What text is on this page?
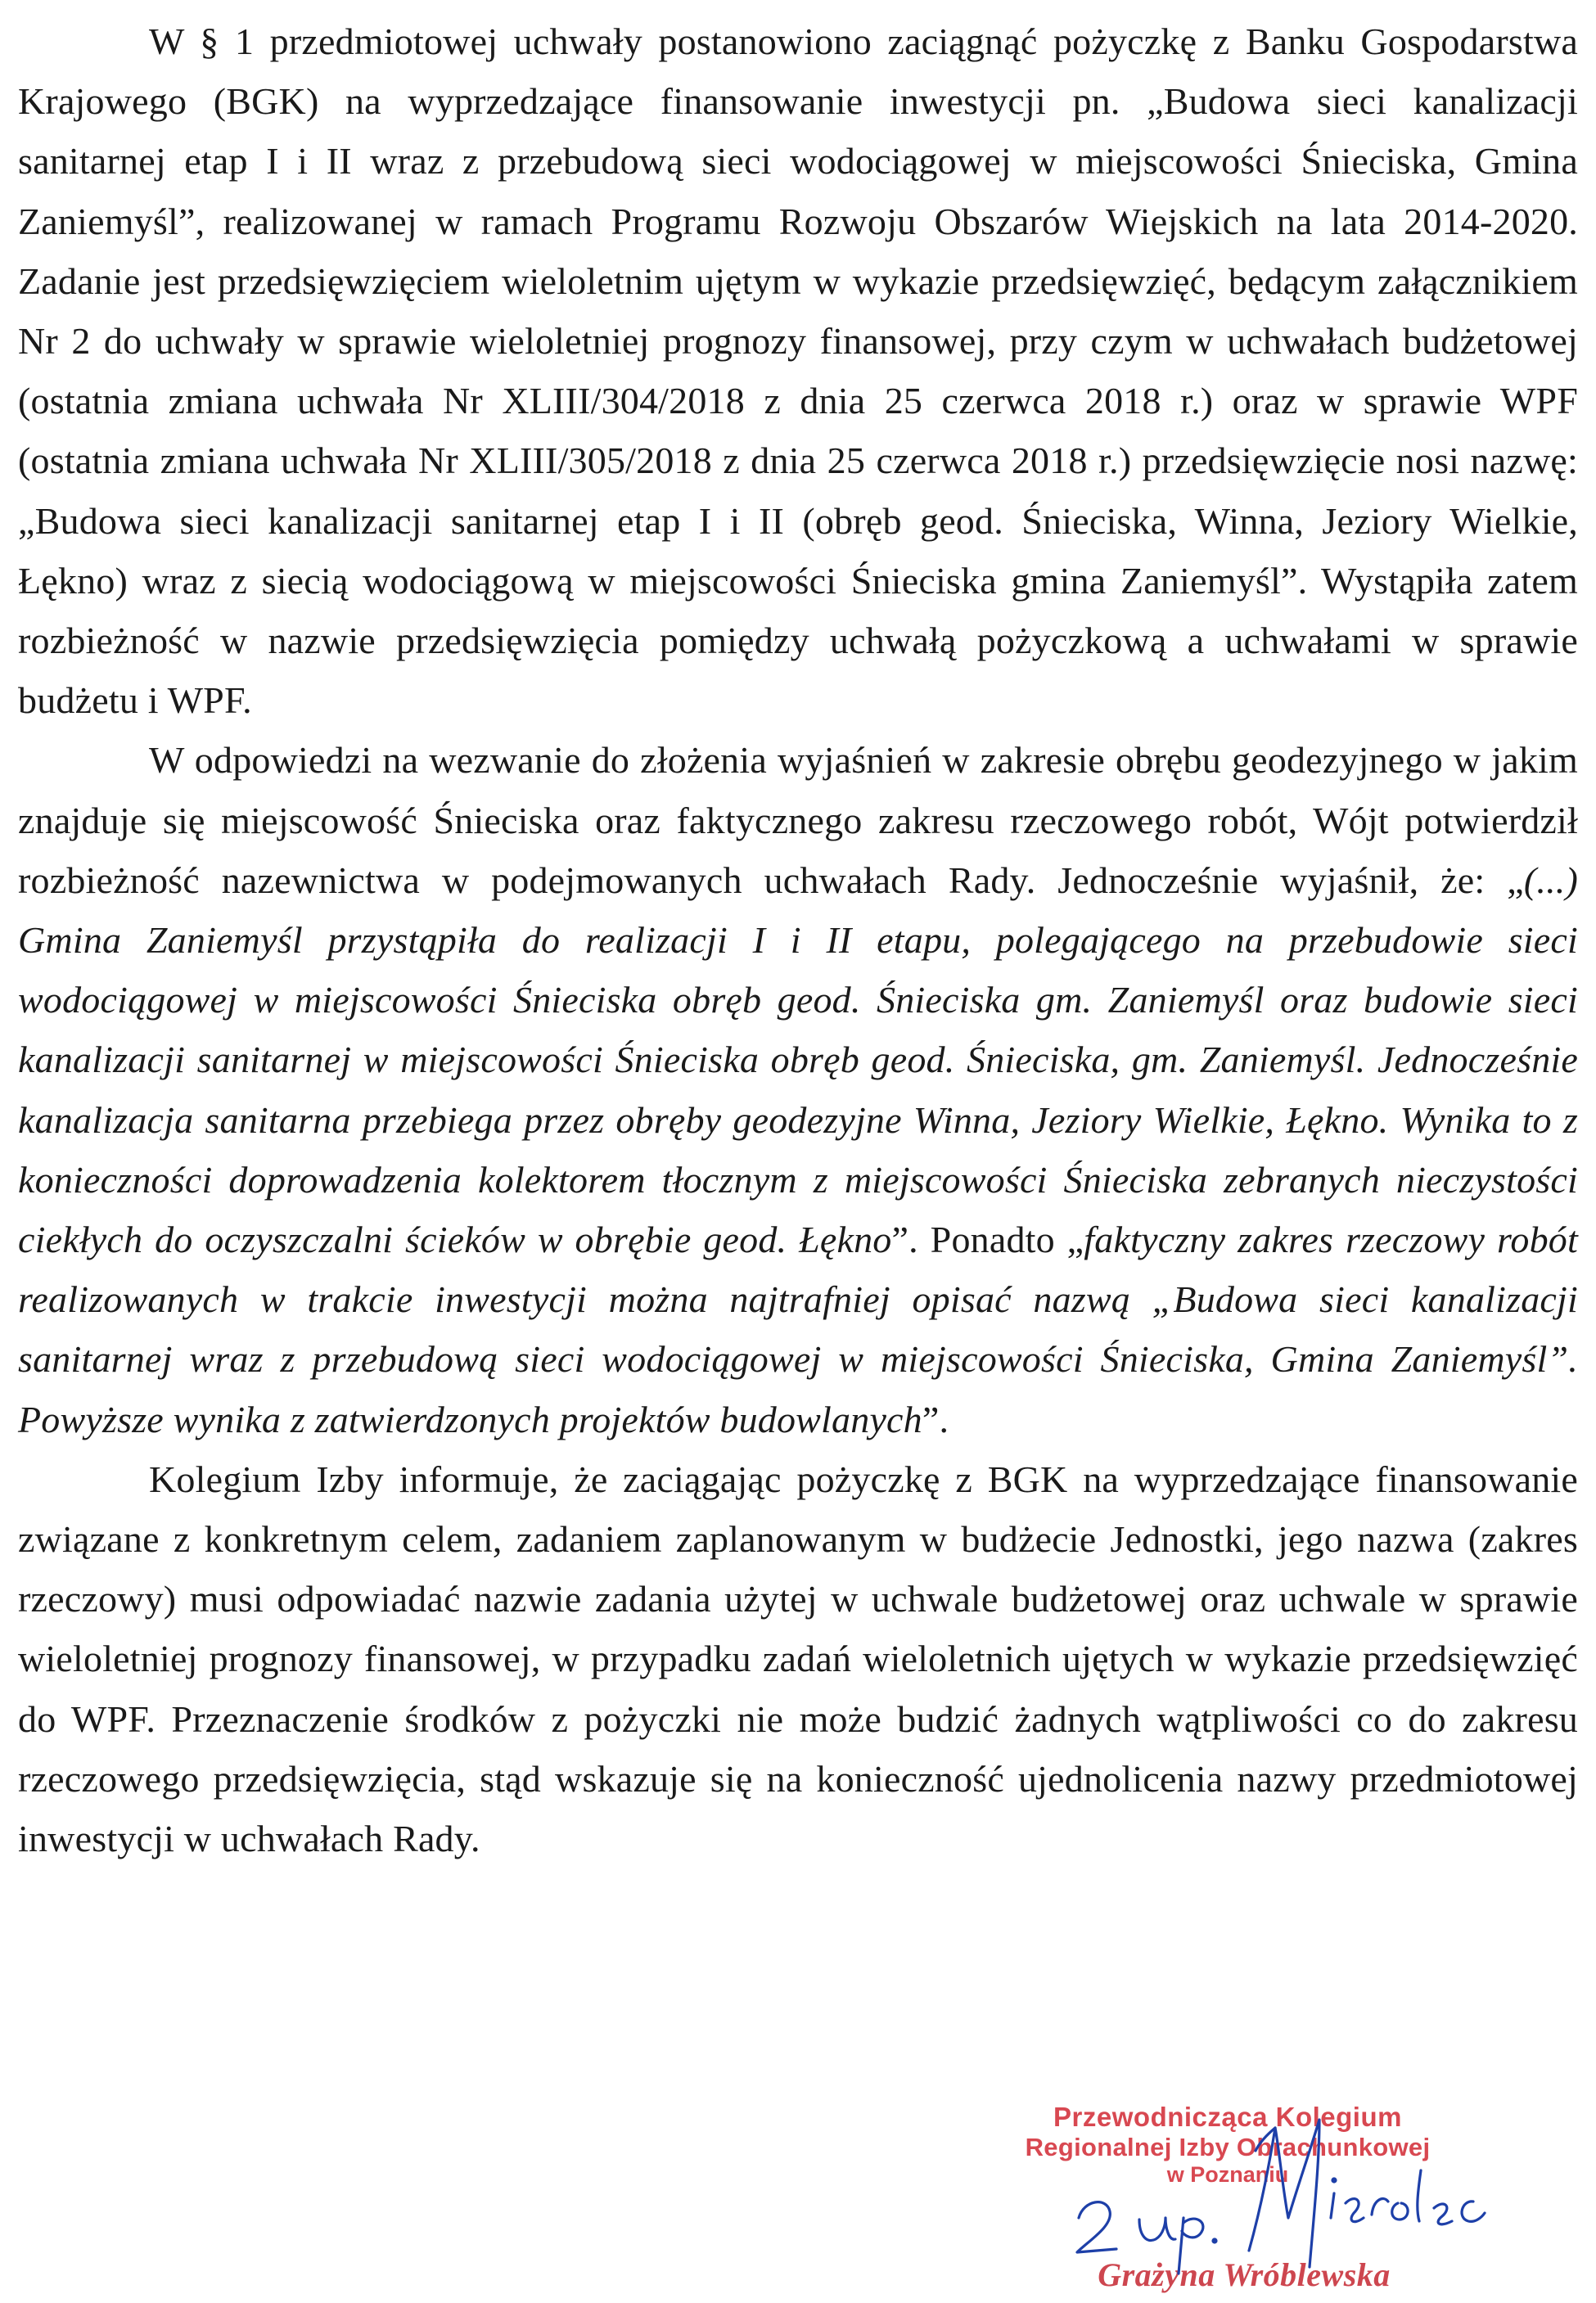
W § 1 przedmiotowej uchwały postanowiono zaciągnąć pożyczkę z Banku Gospodarstwa Krajowego (BGK) na wyprzedzające finansowanie inwestycji pn. „Budowa sieci kanalizacji sanitarnej etap I i II wraz z przebudową sieci wodociągowej w miejscowości Śnieciska, Gmina Zaniemyśl”, realizowanej w ramach Programu Rozwoju Obszarów Wiejskich na lata 2014-2020. Zadanie jest przedsięwzięciem wieloletnim ujętym w wykazie przedsięwzięć, będącym załącznikiem Nr 2 do uchwały w sprawie wieloletniej prognozy finansowej, przy czym w uchwałach budżetowej (ostatnia zmiana uchwała Nr XLIII/304/2018 z dnia 25 czerwca 2018 r.) oraz w sprawie WPF (ostatnia zmiana uchwała Nr XLIII/305/2018 z dnia 25 czerwca 2018 r.) przedsięwzięcie nosi nazwę: „Budowa sieci kanalizacji sanitarnej etap I i II (obręb geod. Śnieciska, Winna, Jeziory Wielkie, Łękno) wraz z siecią wodociągową w miejscowości Śnieciska gmina Zaniemyśl”. Wystąpiła zatem rozbieżność w nazwie przedsięwzięcia pomiędzy uchwałą pożyczkową a uchwałami w sprawie budżetu i WPF.

W odpowiedzi na wezwanie do złożenia wyjaśnień w zakresie obrębu geodezyjnego w jakim znajduje się miejscowość Śnieciska oraz faktycznego zakresu rzeczowego robót, Wójt potwierdził rozbieżność nazewnictwa w podejmowanych uchwałach Rady. Jednocześnie wyjaśnił, że: „(...) Gmina Zaniemyśl przystąpiła do realizacji I i II etapu, polegającego na przebudowie sieci wodociągowej w miejscowości Śnieciska obręb geod. Śnieciska gm. Zaniemyśl oraz budowie sieci kanalizacji sanitarnej w miejscowości Śnieciska obręb geod. Śnieciska, gm. Zaniemyśl. Jednocześnie kanalizacja sanitarna przebiega przez obręby geodezyjne Winna, Jeziory Wielkie, Łękno. Wynika to z konieczności doprowadzenia kolektorem tłocznym z miejscowości Śnieciska zebranych nieczystości ciekłych do oczyszczalni ścieków w obrębie geod. Łękno”. Ponadto „faktyczny zakres rzeczowy robót realizowanych w trakcie inwestycji można najtrafniej opisać nazwą „Budowa sieci kanalizacji sanitarnej wraz z przebudową sieci wodociągowej w miejscowości Śnieciska, Gmina Zaniemyśl”. Powyższe wynika z zatwierdzonych projektów budowlanych”.

Kolegium Izby informuje, że zaciągając pożyczkę z BGK na wyprzedzające finansowanie związane z konkretnym celem, zadaniem zaplanowanym w budżecie Jednostki, jego nazwa (zakres rzeczowy) musi odpowiadać nazwie zadania użytej w uchwale budżetowej oraz uchwale w sprawie wieloletniej prognozy finansowej, w przypadku zadań wieloletnich ujętych w wykazie przedsięwzięć do WPF. Przeznaczenie środków z pożyczki nie może budzić żadnych wątpliwości co do zakresu rzeczowego przedsięwzięcia, stąd wskazuje się na konieczność ujednolicenia nazwy przedmiotowej inwestycji w uchwałach Rady.

Przewodnicząca Kolegium
Regionalnej Izby Obrachunkowej
w Poznaniu
Grażyna Wróblewska
